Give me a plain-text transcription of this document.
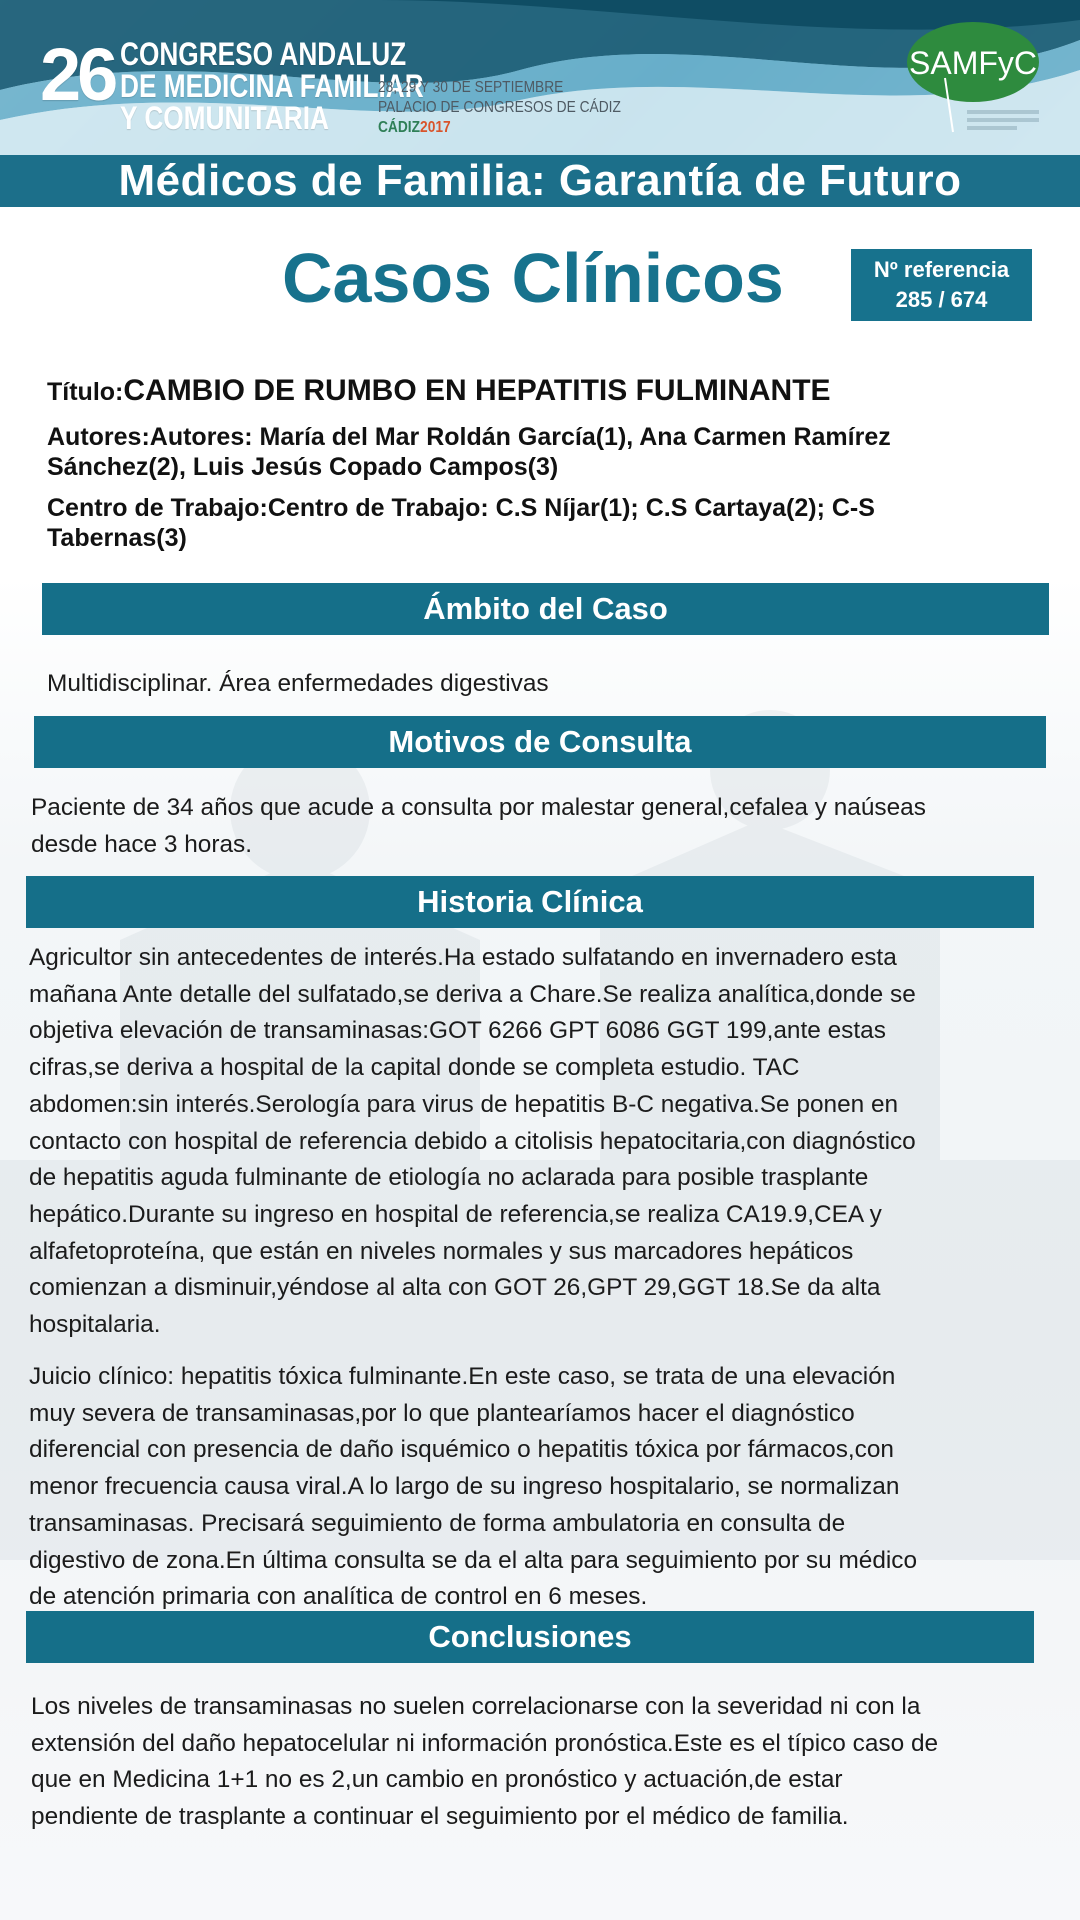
26 CONGRESO ANDALUZ
DE MEDICINA FAMILIAR
Y COMUNITARIA
28, 29 Y 30 DE SEPTIEMBRE
PALACIO DE CONGRESOS DE CÁDIZ
CÁDIZ2017
SAMFyC
Médicos de Familia: Garantía de Futuro
Casos Clínicos	Nº referencia
285 / 674
Título:CAMBIO DE RUMBO EN HEPATITIS FULMINANTE
Autores:Autores: María del Mar Roldán García(1), Ana Carmen Ramírez
Sánchez(2), Luis Jesús Copado Campos(3)
Centro de Trabajo:Centro de Trabajo: C.S Níjar(1); C.S Cartaya(2); C-S
Tabernas(3)
Ámbito del Caso
Multidisciplinar. Área enfermedades digestivas
Motivos de Consulta
Paciente de 34 años que acude a consulta por malestar general,cefalea y naúseas
desde hace 3 horas.
Historia Clínica
Agricultor sin antecedentes de interés.Ha estado sulfatando en invernadero esta
mañana Ante detalle del sulfatado,se deriva a Chare.Se realiza analítica,donde se
objetiva elevación de transaminasas:GOT 6266 GPT 6086 GGT 199,ante estas
cifras,se deriva a hospital de la capital donde se completa estudio. TAC
abdomen:sin interés.Serología para virus de hepatitis B-C negativa.Se ponen en
contacto con hospital de referencia debido a citolisis hepatocitaria,con diagnóstico
de hepatitis aguda fulminante de etiología no aclarada para posible trasplante
hepático.Durante su ingreso en hospital de referencia,se realiza CA19.9,CEA y
alfafetoproteína, que están en niveles normales y sus marcadores hepáticos
comienzan a disminuir,yéndose al alta con GOT 26,GPT 29,GGT 18.Se da alta
hospitalaria.
Juicio clínico: hepatitis tóxica fulminante.En este caso, se trata de una elevación
muy severa de transaminasas,por lo que plantearíamos hacer el diagnóstico
diferencial con presencia de daño isquémico o hepatitis tóxica por fármacos,con
menor frecuencia causa viral.A lo largo de su ingreso hospitalario, se normalizan
transaminasas. Precisará seguimiento de forma ambulatoria en consulta de
digestivo de zona.En última consulta se da el alta para seguimiento por su médico
de atención primaria con analítica de control en 6 meses.
Conclusiones
Los niveles de transaminasas no suelen correlacionarse con la severidad ni con la
extensión del daño hepatocelular ni información pronóstica.Este es el típico caso de
que en Medicina 1+1 no es 2,un cambio en pronóstico y actuación,de estar
pendiente de trasplante a continuar el seguimiento por el médico de familia.
